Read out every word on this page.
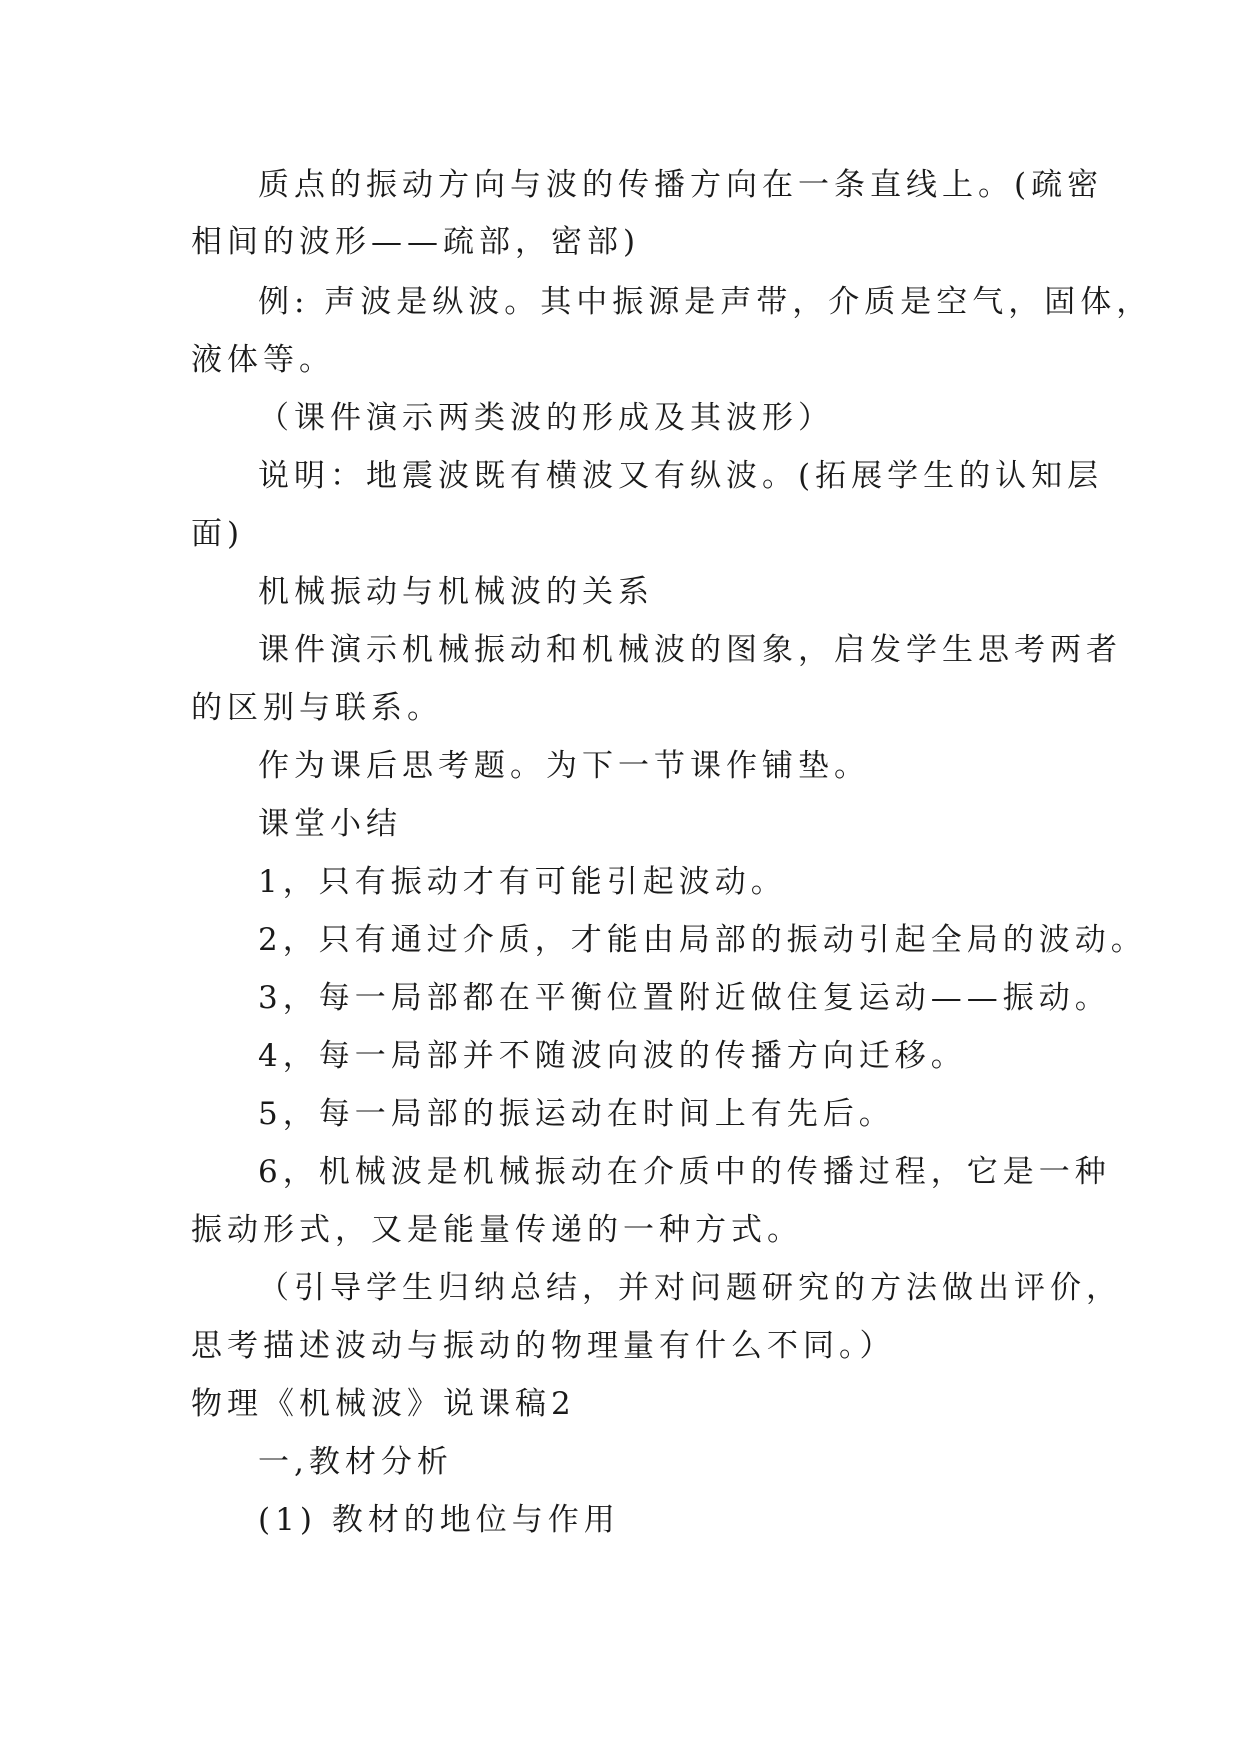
质点的振动方向与波的传播方向在一条直线上。(疏密
相间的波形——疏部，密部)
例: 声波是纵波。其中振源是声带，介质是空气，固体，
液体等。
（课件演示两类波的形成及其波形）
说明：地震波既有横波又有纵波。(拓展学生的认知层
面)
机械振动与机械波的关系
课件演示机械振动和机械波的图象，启发学生思考两者
的区别与联系。
作为课后思考题。为下一节课作铺垫。
课堂小结
1，只有振动才有可能引起波动。
2，只有通过介质，才能由局部的振动引起全局的波动。
3，每一局部都在平衡位置附近做住复运动——振动。
4，每一局部并不随波向波的传播方向迁移。
5，每一局部的振运动在时间上有先后。
6，机械波是机械振动在介质中的传播过程，它是一种
振动形式，又是能量传递的一种方式。
（引导学生归纳总结，并对问题研究的方法做出评价，
思考描述波动与振动的物理量有什么不同。）
物理《机械波》说课稿2
一,教材分析
(1) 教材的地位与作用
